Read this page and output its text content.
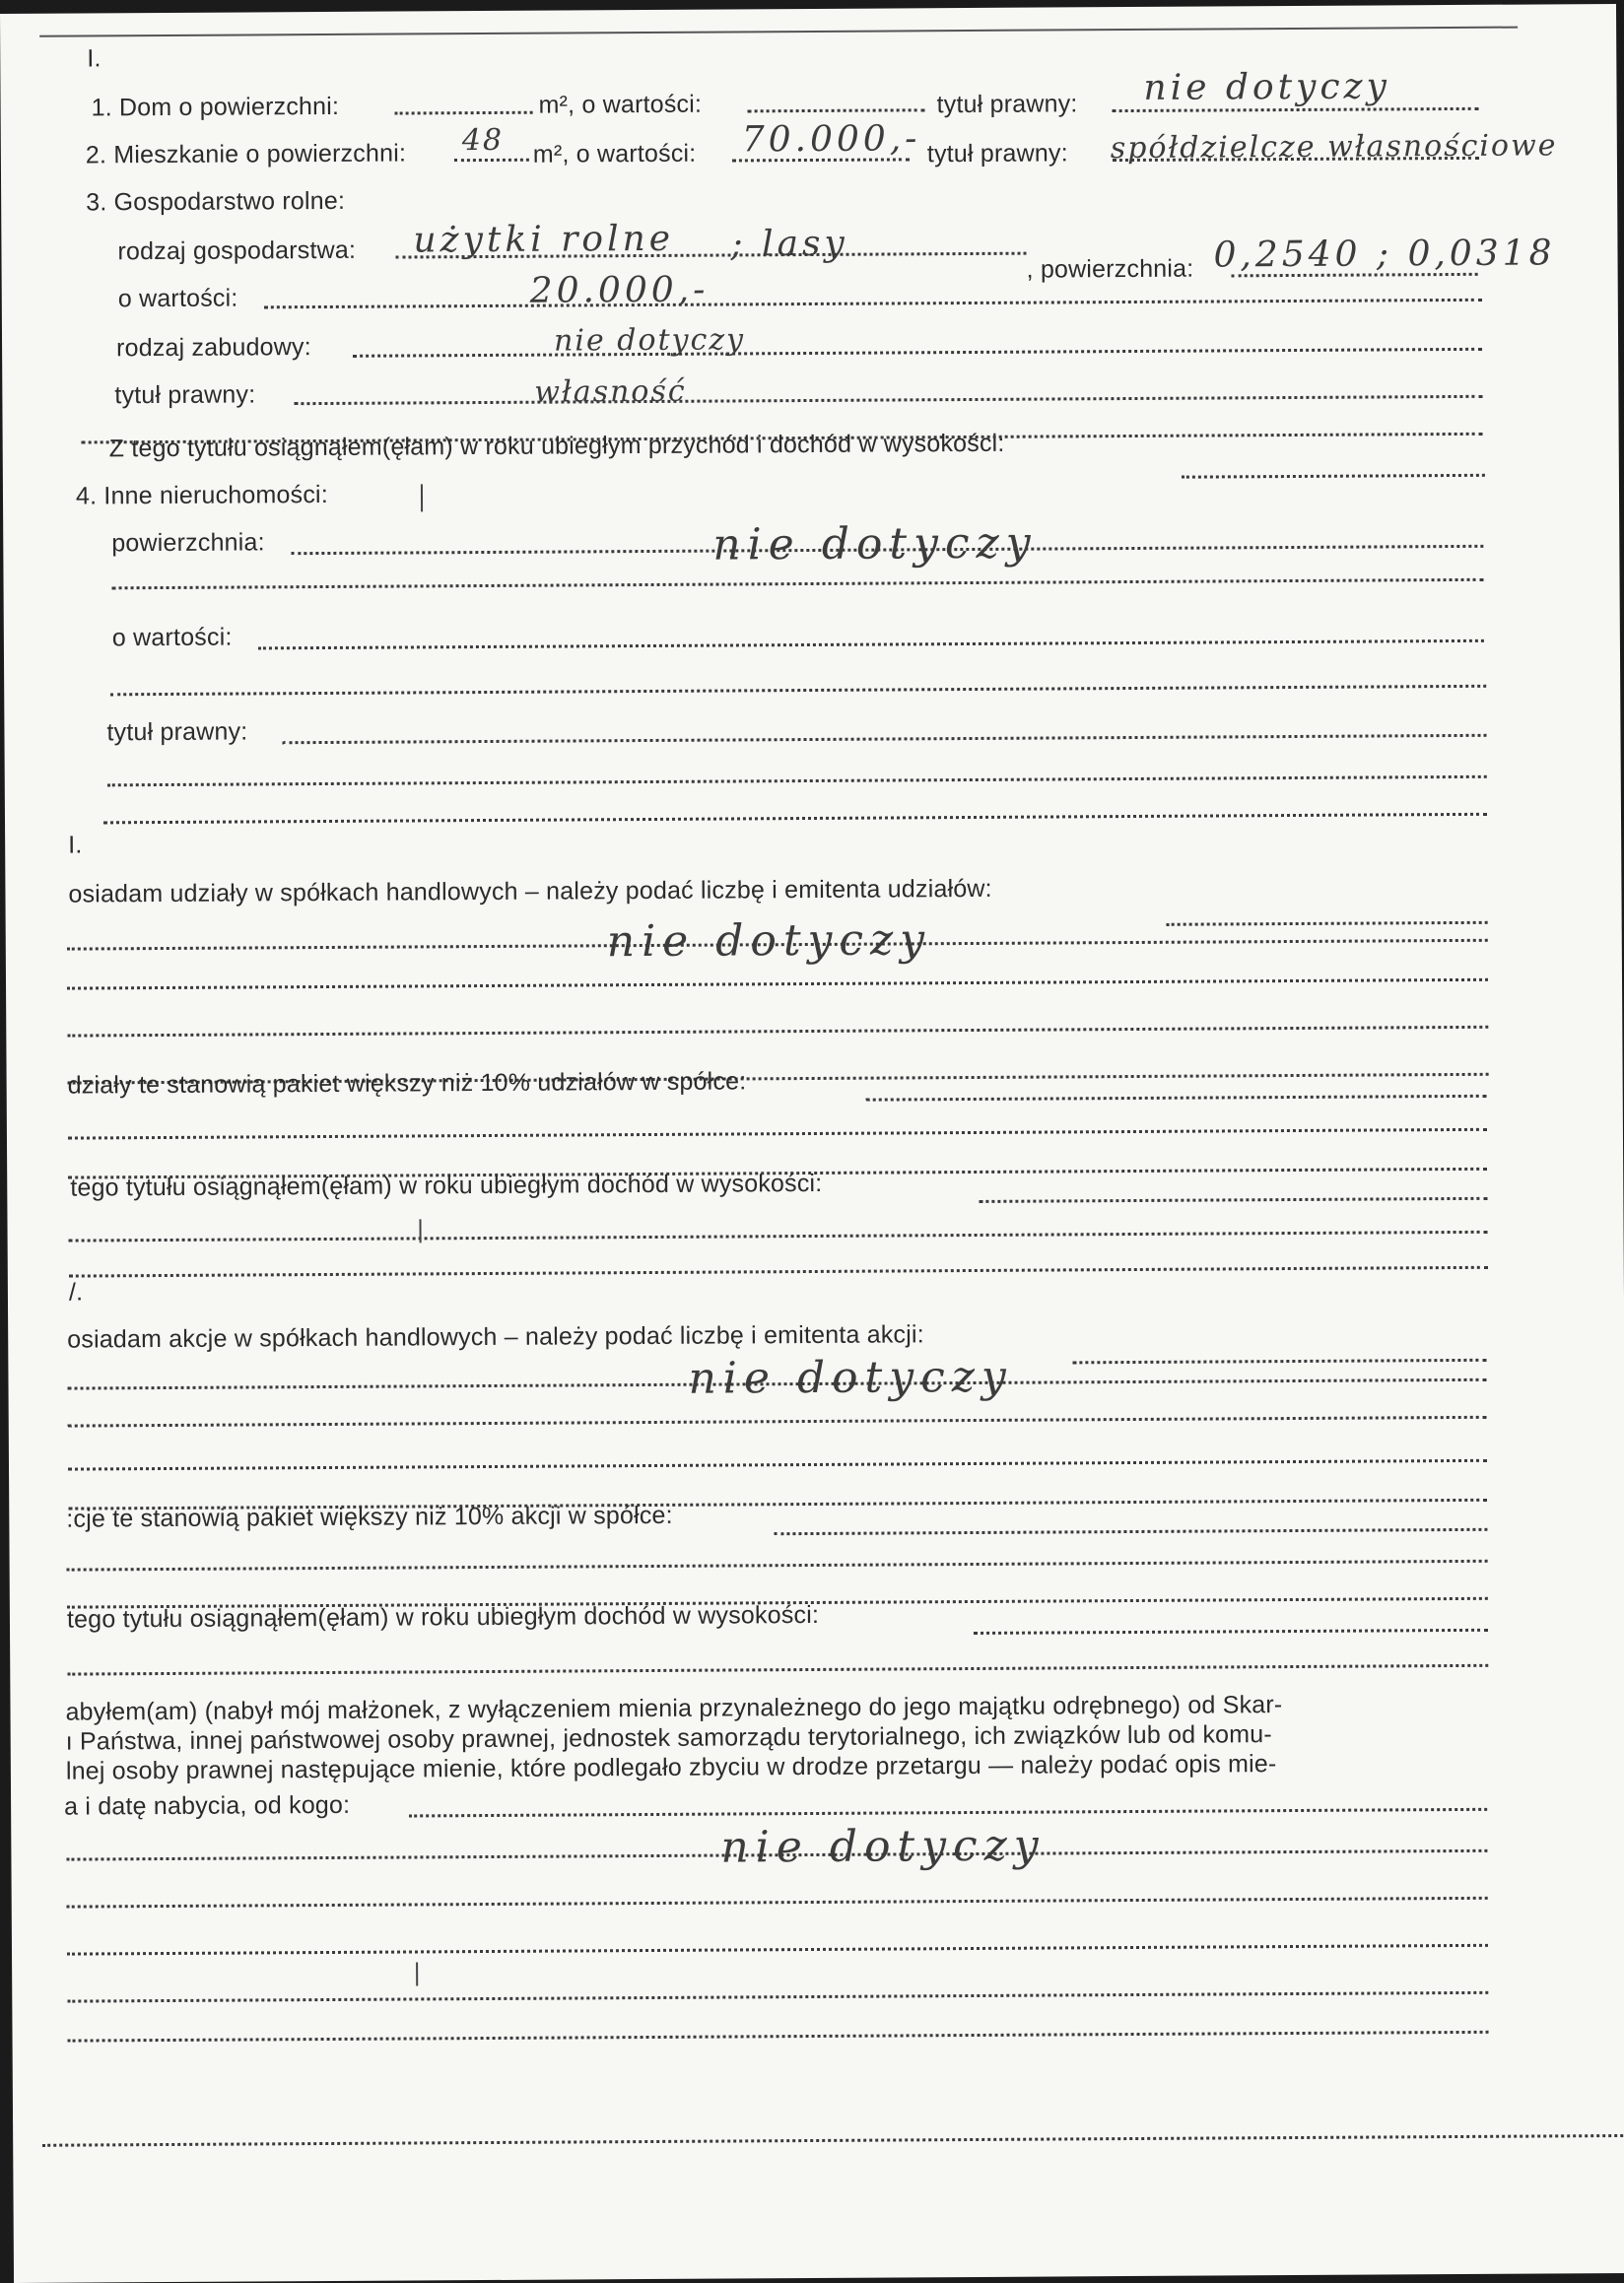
I.
1. Dom o powierzchni:	m², o wartości:	tytuł prawny: nie dotyczy
2. Mieszkanie o powierzchni: 48 m², o wartości: 70.000,- tytuł prawny: spółdzielcze własnościowe
3. Gospodarstwo rolne:
rodzaj gospodarstwa: użytki rolne ; lasy
, powierzchnia: 0,2540 ; 0,0318
o wartości:	20.000,-
rodzaj zabudowy:	nie dotyczy
tytuł prawny:	własność
Z tego tytułu osiągnąłem(ęłam) w roku ubiegłym przychód i dochód w wysokości:
4. Inne nieruchomości:
powierzchnia:	nie dotyczy
o wartości:
tytuł prawny:
I.
osiadam udziały w spółkach handlowych – należy podać liczbę i emitenta udziałów:
nie dotyczy
działy te stanowią pakiet większy niż 10% udziałów w spółce:
tego tytułu osiągnąłem(ęłam) w roku ubiegłym dochód w wysokości:
/.
osiadam akcje w spółkach handlowych – należy podać liczbę i emitenta akcji:
nie dotyczy
:cje te stanowią pakiet większy niż 10% akcji w spółce:
tego tytułu osiągnąłem(ęłam) w roku ubiegłym dochód w wysokości:
abyłem(am) (nabył mój małżonek, z wyłączeniem mienia przynależnego do jego majątku odrębnego) od Skar-
ı Państwa, innej państwowej osoby prawnej, jednostek samorządu terytorialnego, ich związków lub od komu-
lnej osoby prawnej następujące mienie, które podlegało zbyciu w drodze przetargu — należy podać opis mie-
a i datę nabycia, od kogo:
nie dotyczy
